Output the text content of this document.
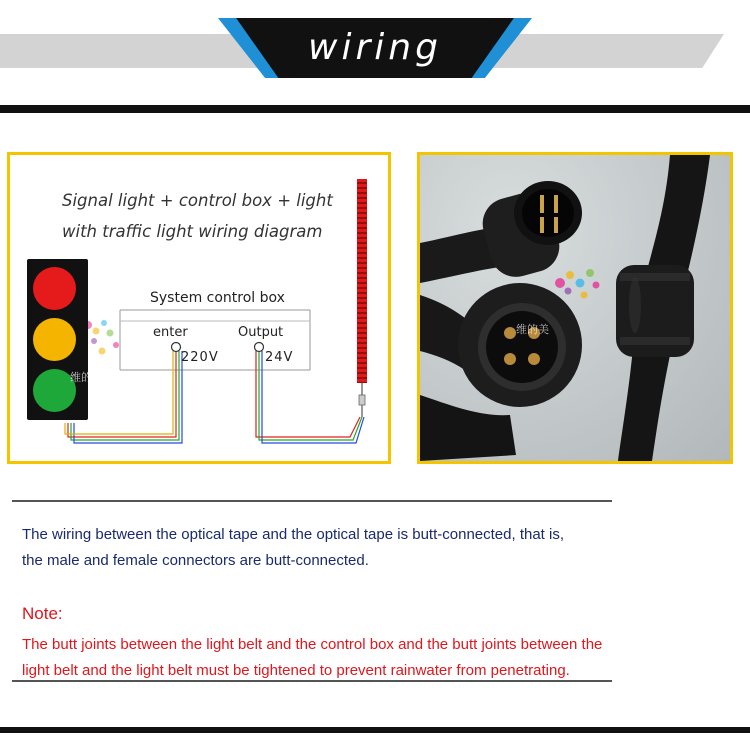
wiring
Signal light + control box + light
with traffic light wiring diagram
System control box
enter
220V
Output
24V
维的美
维的美
The wiring between the optical tape and the optical tape is butt-connected, that is,
the male and female connectors are butt-connected.
Note:
The butt joints between the light belt and the control box and the butt joints between the
light belt and the light belt must be tightened to prevent rainwater from penetrating.
